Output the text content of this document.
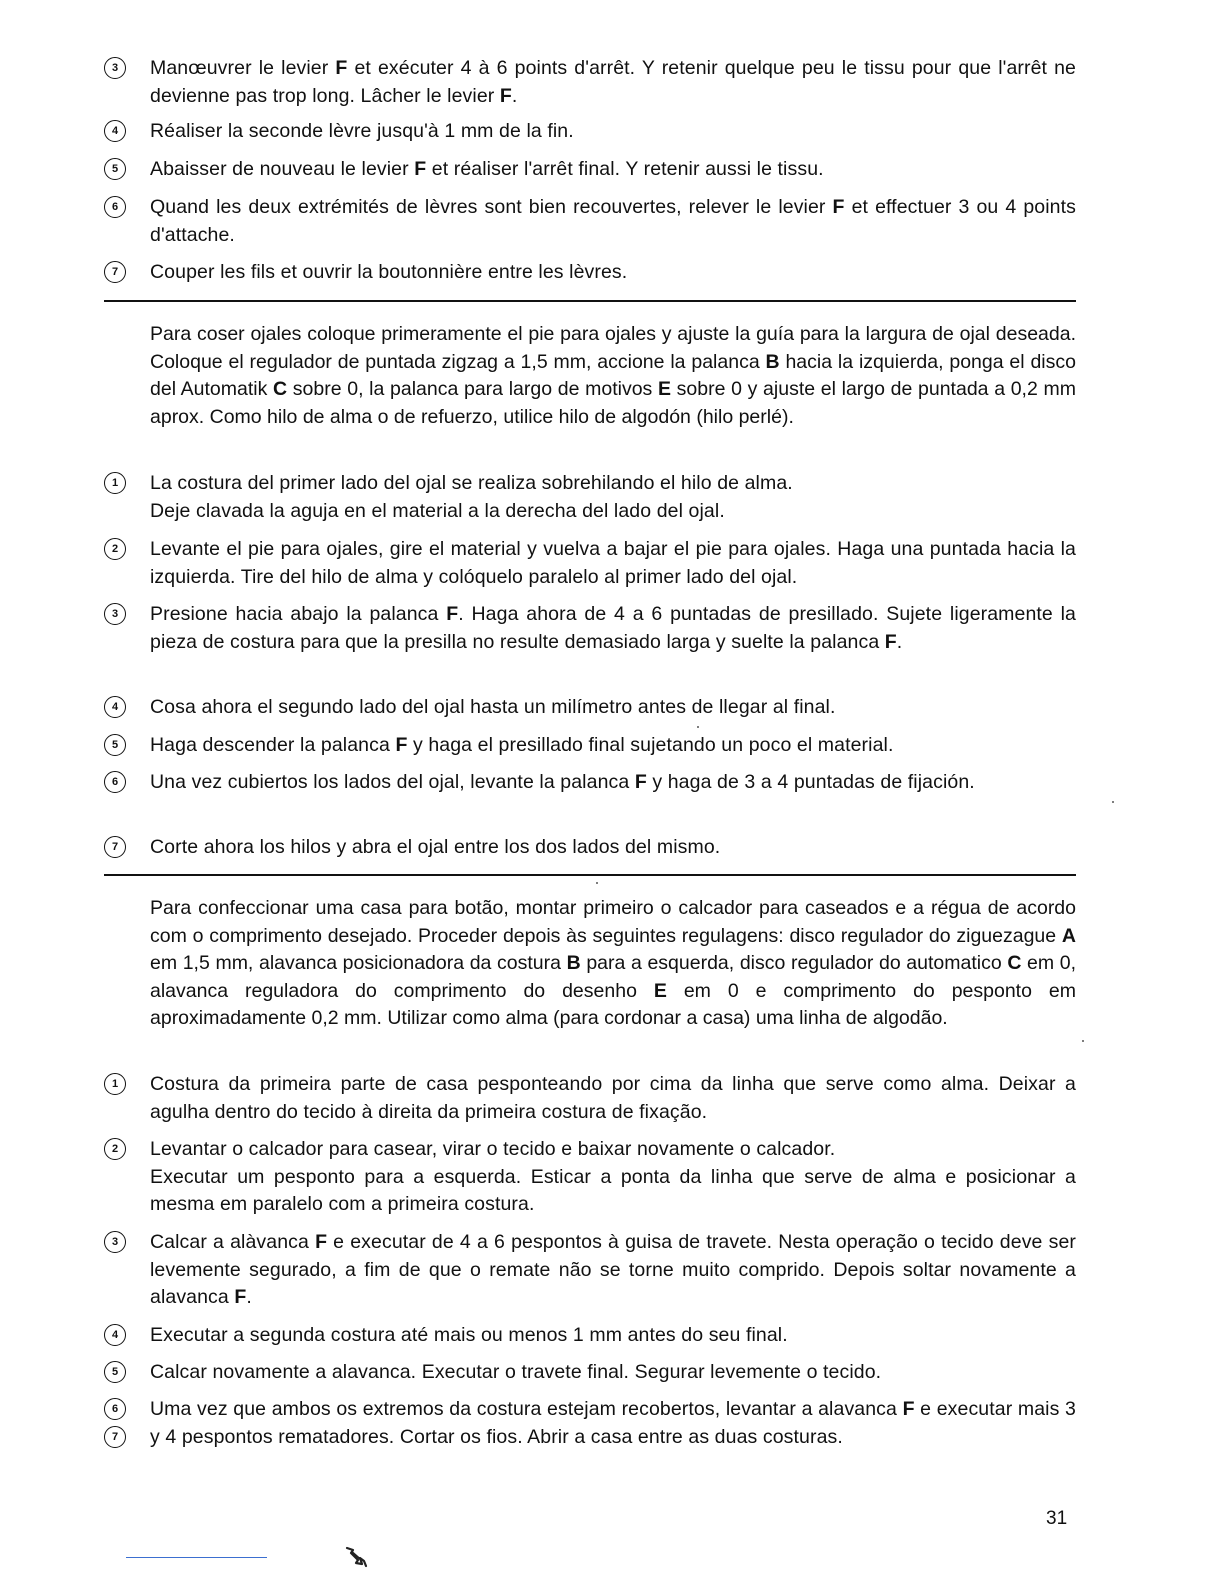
3	Manœuvrer le levier F et exécuter 4 à 6 points d'arrêt. Y retenir quelque peu le tissu pour que l'arrêt ne devienne pas trop long. Lâcher le levier F.
4	Réaliser la seconde lèvre jusqu'à 1 mm de la fin.
5	Abaisser de nouveau le levier F et réaliser l'arrêt final. Y retenir aussi le tissu.
6	Quand les deux extrémités de lèvres sont bien recouvertes, relever le levier F et effectuer 3 ou 4 points d'attache.
7	Couper les fils et ouvrir la boutonnière entre les lèvres.
Para coser ojales coloque primeramente el pie para ojales y ajuste la guía para la largura de ojal deseada. Coloque el regulador de puntada zigzag a 1,5 mm, accione la palanca B hacia la izquierda, ponga el disco del Automatik C sobre 0, la palanca para largo de motivos E sobre 0 y ajuste el largo de puntada a 0,2 mm aprox. Como hilo de alma o de refuerzo, utilice hilo de algodón (hilo perlé).
1	La costura del primer lado del ojal se realiza sobrehilando el hilo de alma.
Deje clavada la aguja en el material a la derecha del lado del ojal.
2	Levante el pie para ojales, gire el material y vuelva a bajar el pie para ojales. Haga una puntada hacia la izquierda. Tire del hilo de alma y colóquelo paralelo al primer lado del ojal.
3	Presione hacia abajo la palanca F. Haga ahora de 4 a 6 puntadas de presillado. Sujete ligeramente la pieza de costura para que la presilla no resulte demasiado larga y suelte la palanca F.
4	Cosa ahora el segundo lado del ojal hasta un milímetro antes de llegar al final.
5	Haga descender la palanca F y haga el presillado final sujetando un poco el material.
6	Una vez cubiertos los lados del ojal, levante la palanca F y haga de 3 a 4 puntadas de fijación.
7	Corte ahora los hilos y abra el ojal entre los dos lados del mismo.
Para confeccionar uma casa para botão, montar primeiro o calcador para caseados e a régua de acordo com o comprimento desejado. Proceder depois às seguintes regulagens: disco regulador do ziguezague A em 1,5 mm, alavanca posicionadora da costura B para a esquerda, disco regulador do automatico C em 0, alavanca reguladora do comprimento do desenho E em 0 e comprimento do pesponto em aproximadamente 0,2 mm. Utilizar como alma (para cordonar a casa) uma linha de algodão.
1	Costura da primeira parte de casa pesponteando por cima da linha que serve como alma. Deixar a agulha dentro do tecido à direita da primeira costura de fixação.
2	Levantar o calcador para casear, virar o tecido e baixar novamente o calcador.
Executar um pesponto para a esquerda. Esticar a ponta da linha que serve de alma e posicionar a mesma em paralelo com a primeira costura.
3	Calcar a alàvanca F e executar de 4 a 6 pespontos à guisa de travete. Nesta operação o tecido deve ser levemente segurado, a fim de que o remate não se torne muito comprido. Depois soltar novamente a alavanca F.
4	Executar a segunda costura até mais ou menos 1 mm antes do seu final.
5	Calcar novamente a alavanca. Executar o travete final. Segurar levemente o tecido.
6
7
Uma vez que ambos os extremos da costura estejam recobertos, levantar a alavanca F e executar mais 3 y 4 pespontos rematadores. Cortar os fios. Abrir a casa entre as duas costuras.
31
